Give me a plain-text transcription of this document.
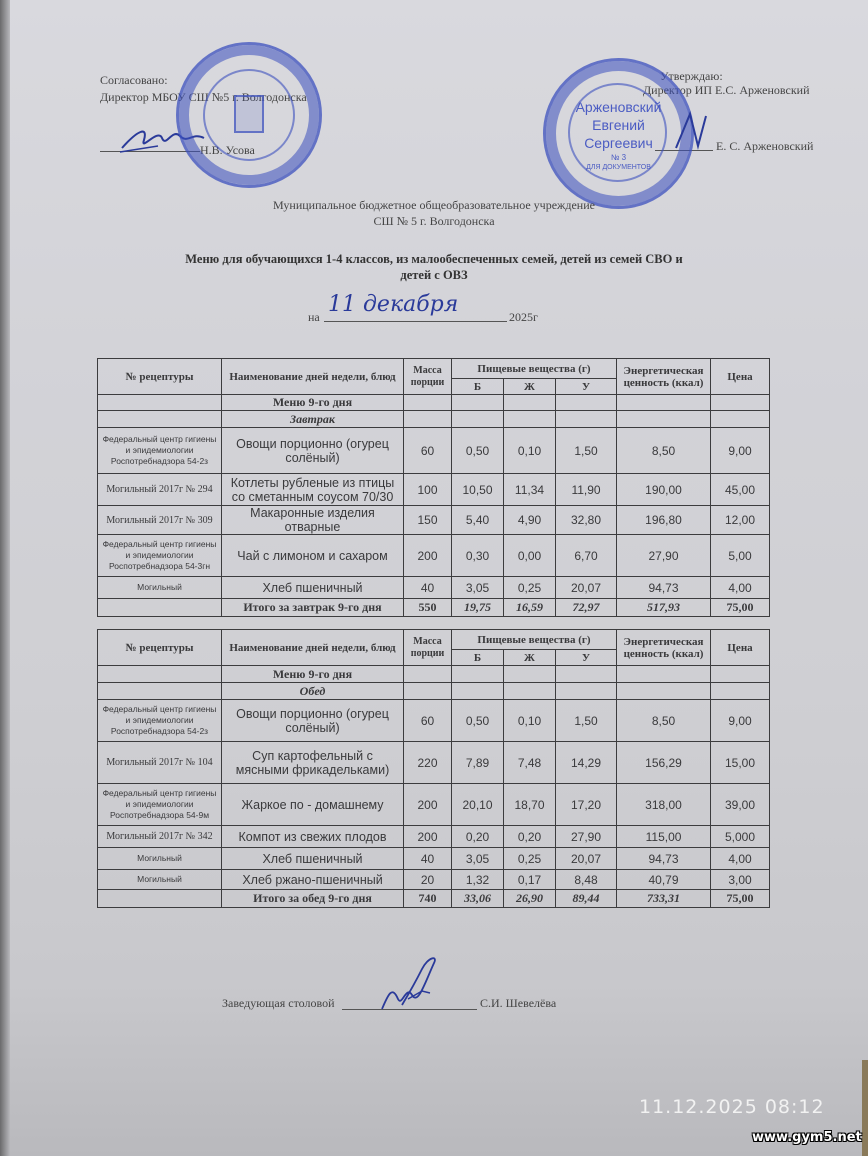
Согласовано:
Директор МБОУ СШ №5 г. Волгодонска
Н.В. Усова
Утверждаю:
Директор ИП Е.С. Арженовский
Е. С. Арженовский
Арженовский
Евгений
Сергеевич
№ 3
ДЛЯ ДОКУМЕНТОВ
Муниципальное бюджетное общеобразовательное учреждение
СШ № 5 г. Волгодонска
Меню для обучающихся 1-4 классов, из малообеспеченных семей, детей из семей СВО и
детей с ОВЗ
на 11 декабря	2025г
№ рецептуры	Наименование дней недели, блюд	Масса порции	Пищевые вещества (г)			Энергетическая ценность (ккал)	Цена
			Б	Ж	У		
	Меню 9-го дня						
	Завтрак						
Федеральный центр гигиены и эпидемиологии Роспотребнадзора 54-2з	Овощи порционно (огурец солёный)	60	0,50	0,10	1,50	8,50	9,00
Могильный 2017г № 294	Котлеты рубленые из птицы со сметанным соусом 70/30	100	10,50	11,34	11,90	190,00	45,00
Могильный 2017г № 309	Макаронные изделия отварные	150	5,40	4,90	32,80	196,80	12,00
Федеральный центр гигиены и эпидемиологии Роспотребнадзора 54-3гн	Чай с лимоном и сахаром	200	0,30	0,00	6,70	27,90	5,00
Могильный	Хлеб пшеничный	40	3,05	0,25	20,07	94,73	4,00
	Итого за завтрак 9-го дня	550	19,75	16,59	72,97	517,93	75,00
№ рецептуры	Наименование дней недели, блюд	Масса порции	Пищевые вещества (г)			Энергетическая ценность (ккал)	Цена
			Б	Ж	У		
	Меню 9-го дня						
	Обед						
Федеральный центр гигиены и эпидемиологии Роспотребнадзора 54-2з	Овощи порционно (огурец солёный)	60	0,50	0,10	1,50	8,50	9,00
Могильный 2017г № 104	Суп картофельный с мясными фрикадельками)	220	7,89	7,48	14,29	156,29	15,00
Федеральный центр гигиены и эпидемиологии Роспотребнадзора 54-9м	Жаркое по - домашнему	200	20,10	18,70	17,20	318,00	39,00
Могильный 2017г № 342	Компот из свежих плодов	200	0,20	0,20	27,90	115,00	5,000
Могильный	Хлеб пшеничный	40	3,05	0,25	20,07	94,73	4,00
Могильный	Хлеб ржано-пшеничный	20	1,32	0,17	8,48	40,79	3,00
	Итого за обед 9-го дня	740	33,06	26,90	89,44	733,31	75,00
Заведующая столовой	С.И. Шевелёва
11.12.2025 08:12
www.gym5.net
